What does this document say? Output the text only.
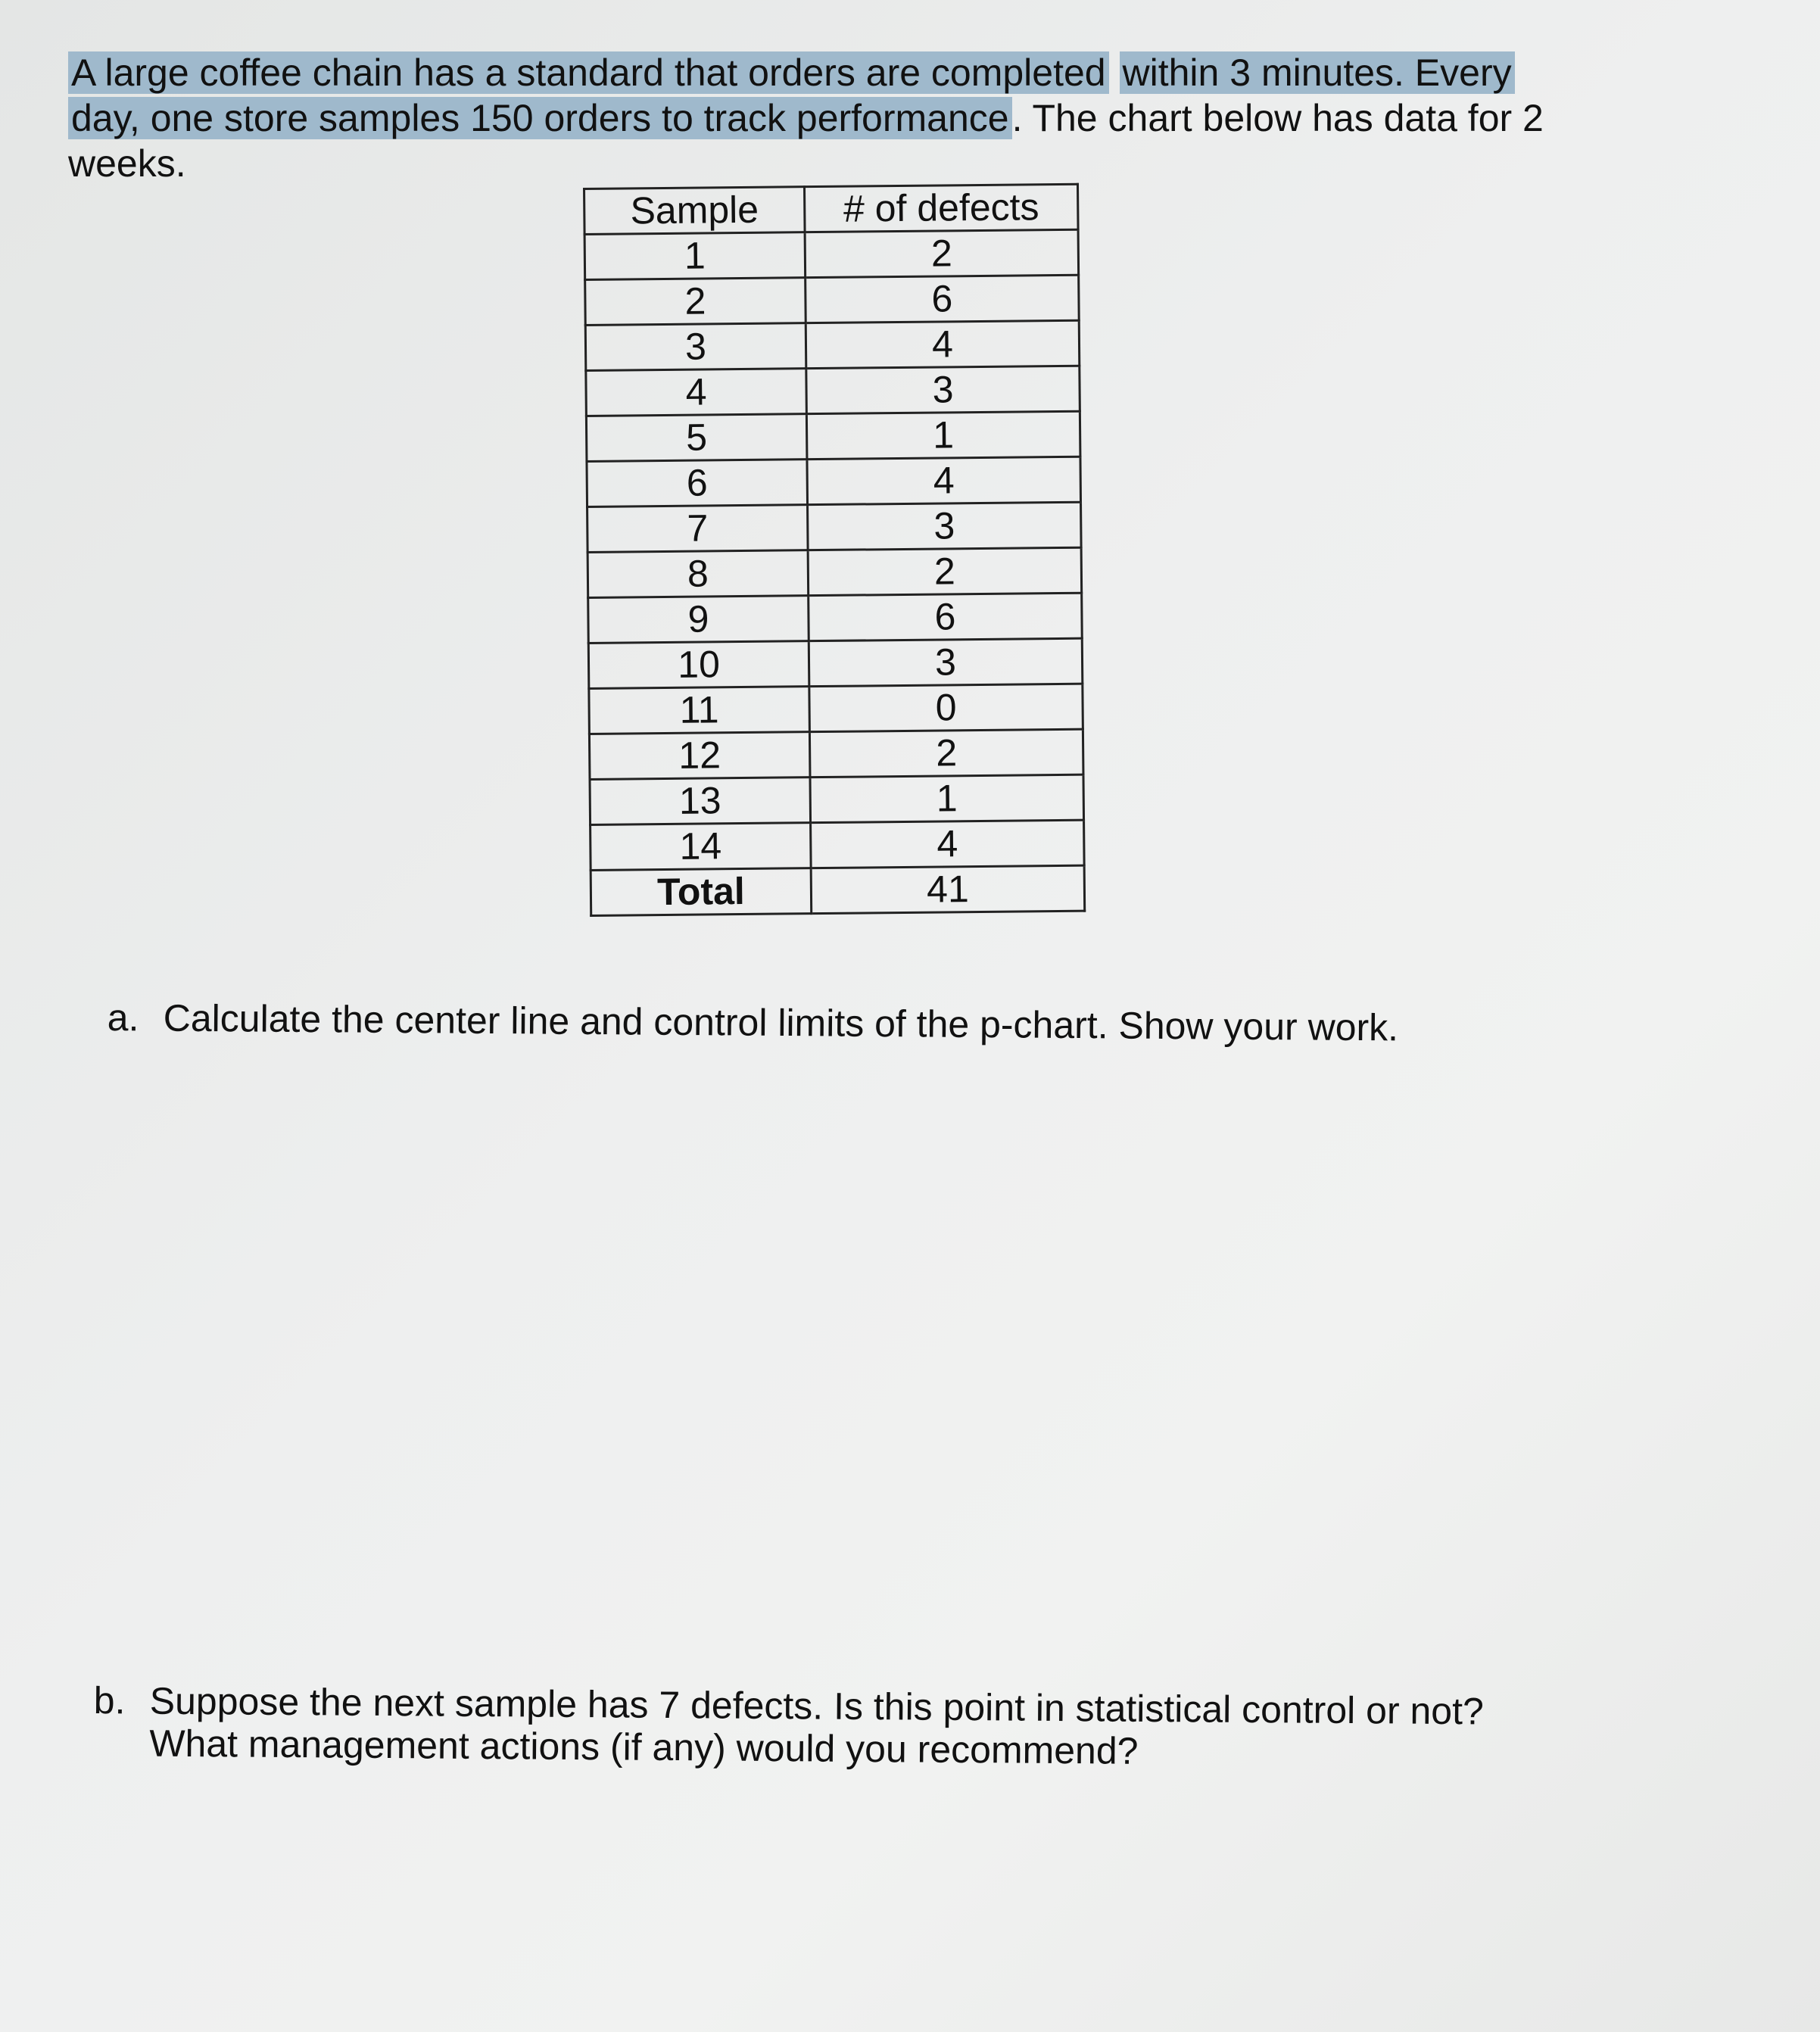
A large coffee chain has a standard that orders are completed within 3 minutes. Every
day, one store samples 150 orders to track performance. The chart below has data for 2
weeks.
Sample	# of defects
1	2
2	6
3	4
4	3
5	1
6	4
7	3
8	2
9	6
10	3
11	0
12	2
13	1
14	4
Total	41
a. Calculate the center line and control limits of the p-chart. Show your work.
b. Suppose the next sample has 7 defects. Is this point in statistical control or not?
What management actions (if any) would you recommend?
